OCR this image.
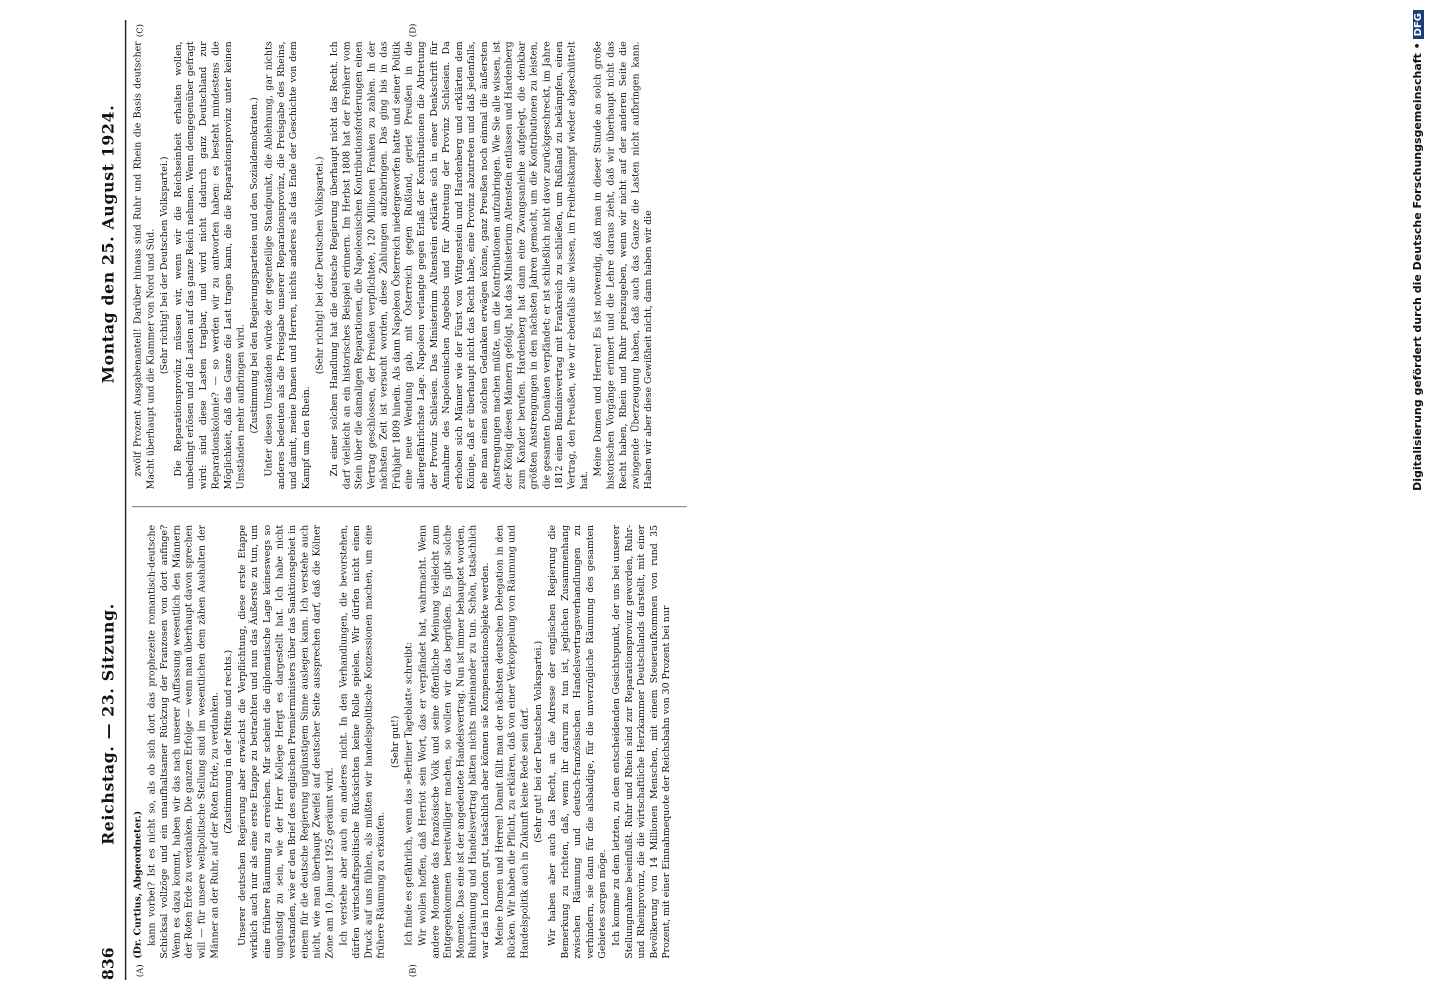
836
Reichstag. — 23. Sitzung.
Montag den 25. August 1924.
(A)	(B)
(C)	(D)

(Dr. Curtius, Abgeordneter.) kann vorbei? Ist es nicht so, als ob sich dort das prophezeite romantisch-deutsche Schicksal vollzöge und ein unaufhaltsamer Rückzug der Franzosen von dort anfinge? Wenn es dazu kommt, haben wir das nach unserer Auffassung wesentlich den Männern der Roten Erde zu verdanken. Die ganzen Erfolge — wenn man überhaupt davon sprechen will — für unsere weltpolitische Stellung sind im wesentlichen dem zähen Aushalten der Männer an der Ruhr, auf der Roten Erde, zu verdanken. (Zustimmung in der Mitte und rechts.) Unserer deutschen Regierung aber erwächst die Verpflichtung, diese erste Etappe wirklich auch nur als eine erste Etappe zu betrachten und nun das Äußerste zu tun, um eine frühere Räumung zu erreichen. Mir scheint die diplomatische Lage keineswegs so ungünstig zu sein, wie der Herr Kollege Hergt es dargestellt hat. Ich habe nicht verstanden, wie er den Brief des englischen Premierministers über das Sanktionsgebiet in einem für die deutsche Regierung ungünstigem Sinne auslegen kann. Ich verstehe auch nicht, wie man überhaupt Zweifel auf deutscher Seite aussprechen darf, daß die Kölner Zone am 10. Januar 1925 geräumt wird. Ich verstehe aber auch ein anderes nicht. In den Verhandlungen, die bevorstehen, dürfen wirtschaftspolitische Rücksichten keine Rolle spielen. Wir dürfen nicht einen Druck auf uns fühlen, als müßten wir handelspolitische Konzessionen machen, um eine frühere Räumung zu erkaufen.

(Sehr gut!) Ich finde es gefährlich, wenn das »Berliner Tageblatt« schreibt: Wir wollen hoffen, daß Herriot sein Wort, das er verpfändet hat, wahrmacht. Wenn andere Momente das französische Volk und seine öffentliche Meinung vielleicht zum Entgegenkommen bereitwilliger machen, so wollen wir das begrüßen. Es gibt solche Momente. Das eine ist der angedeutete Handelsvertrag. Nun ist immer behauptet worden, Ruhrräumung und Handelsvertrag hätten nichts miteinander zu tun. Schön, tatsächlich war das in London gut, tatsächlich aber können sie Kompensationsobjekte werden. Meine Damen und Herren! Damit fällt man der nächsten deutschen Delegation in den Rücken. Wir haben die Pflicht, zu erklären, daß von einer Verkoppelung von Räumung und Handelspolitik auch in Zukunft keine Rede sein darf. (Sehr gut! bei der Deutschen Volkspartei.) Wir haben aber auch das Recht, an die Adresse der englischen Regierung die Bemerkung zu richten, daß, wenn ihr darum zu tun ist, jeglichen Zusammenhang zwischen Räumung und deutsch-französischen Handelsvertragsverhandlungen zu verhindern, sie dann für die alsbaldige, für die unverzügliche Räumung des gesamten Gebietes sorgen möge. Ich komme zu dem letzten, zu dem entscheidenden Gesichtspunkt, der uns bei unserer Stellungnahme beeinflußt. Ruhr und Rhein sind zur Reparationsprovinz geworden, Ruhr- und Rheinprovinz, die die wirtschaftliche Herzkammer Deutschlands darstellt, mit einer Bevölkerung von 14 Millionen Menschen, mit einem Steueraufkommen von rund 35 Prozent, mit einer Einnahmequote der Reichsbahn von 30 Prozent bei nur

zwölf Prozent Ausgabenanteil! Darüber hinaus sind Ruhr und Rhein die Basis deutscher Macht überhaupt und die Klammer von Nord und Süd. (Sehr richtig! bei der Deutschen Volkspartei.) Die Reparationsprovinz müssen wir, wenn wir die Reichseinheit erhalten wollen, unbedingt erlösen und die Lasten auf das ganze Reich nehmen. Wenn demgegenüber gefragt wird: sind diese Lasten tragbar, und wird nicht dadurch ganz Deutschland zur Reparationskolonie? — so werden wir zu antworten haben: es besteht mindestens die Möglichkeit, daß das Ganze die Last tragen kann, die die Reparationsprovinz unter keinen Umständen mehr aufbringen wird. (Zustimmung bei den Regierungsparteien und den Sozialdemokraten.) Unter diesen Umständen würde der gegenteilige Standpunkt, die Ablehnung, gar nichts anderes bedeuten als die Preisgabe unserer Reparationsprovinz, die Preisgabe des Rheins, und damit, meine Damen und Herren, nichts anderes als das Ende der Geschichte von dem Kampf um den Rhein.

(Sehr richtig! bei der Deutschen Volkspartei.) Zu einer solchen Handlung hat die deutsche Regierung überhaupt nicht das Recht. Ich darf vielleicht an ein historisches Beispiel erinnern. Im Herbst 1808 hat der Freiherr vom Stein über die damaligen Reparationen, die Napoleonischen Kontributionsforderungen einen Vertrag geschlossen, der Preußen verpflichtete, 120 Millionen Franken zu zahlen. In der nächsten Zeit ist versucht worden, diese Zahlungen aufzubringen. Das ging bis in das Frühjahr 1809 hinein. Als dann Napoleon Österreich niedergeworfen hatte und seiner Politik eine neue Wendung gab, mit Österreich gegen Rußland, geriet Preußen in die allergefährlichste Lage. Napoleon verlangte gegen Erlaß der Kontributionen die Abtretung der Provinz Schlesien. Das Ministerium Altenstein erklärte sich in einer Denkschrift für Annahme des Napoleonischen Angebots und für Abtretung der Provinz Schlesien. Da erhoben sich Männer wie der Fürst von Wittgenstein und Hardenberg und erklärten dem Könige, daß er überhaupt nicht das Recht habe, eine Provinz abzutreten und daß jedenfalls, ehe man einen solchen Gedanken erwägen könne, ganz Preußen noch einmal die äußersten Anstrengungen machen müßte, um die Kontributionen aufzubringen. Wie Sie alle wissen, ist der König diesen Männern gefolgt, hat das Ministerium Altenstein entlassen und Hardenberg zum Kanzler berufen. Hardenberg hat dann eine Zwangsanleihe aufgelegt, die denkbar größten Anstrengungen in den nächsten Jahren gemacht, um die Kontributionen zu leisten, die gesamten Domänen verpfändet; er ist schließlich nicht davor zurückgeschreckt, im Jahre 1812 einen Bündnisvertrag mit Frankreich zu schließen, um Rußland zu bekämpfen, einen Vertrag, den Preußen, wie wir ebenfalls alle wissen, im Freiheitskampf wieder abgeschüttelt hat.

Meine Damen und Herren! Es ist notwendig, daß man in dieser Stunde an solch große historischen Vorgänge erinnert und die Lehre daraus zieht, daß wir überhaupt nicht das Recht haben, Rhein und Ruhr preiszugeben, wenn wir nicht auf der anderen Seite die zwingende Überzeugung haben, daß auch das Ganze die Lasten nicht aufbringen kann. Haben wir aber diese Gewißheit nicht, dann haben wir die	Digitalisierung gefördert durch die Deutsche Forschungsgemeinschaft •DFG
